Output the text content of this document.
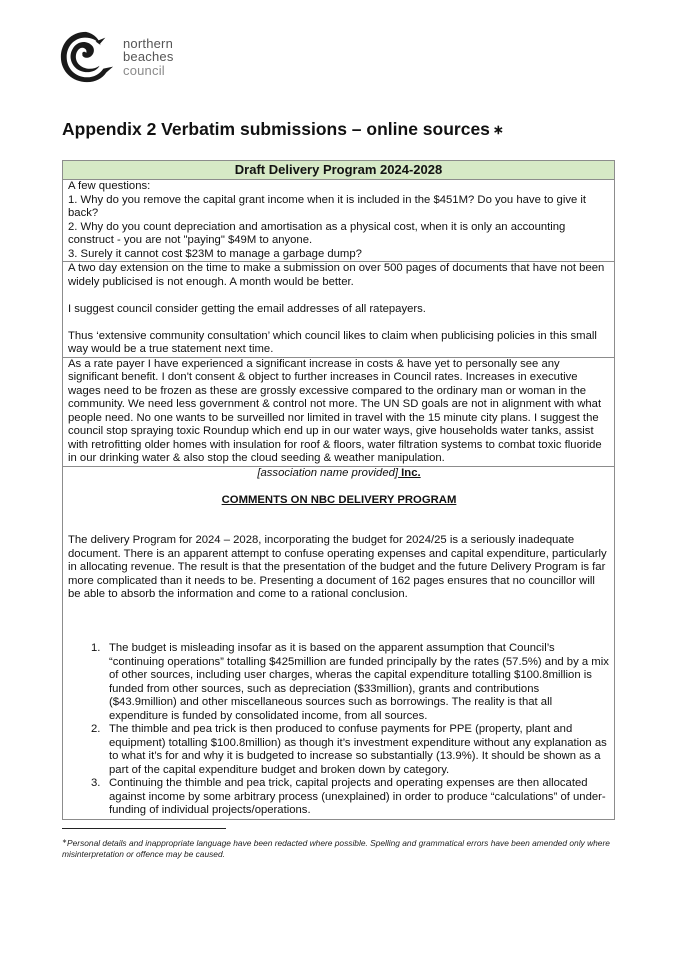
northern
beaches
council
Appendix 2 Verbatim submissions – online sources ∗
Draft Delivery Program 2024-2028

A few questions:

1. Why do you remove the capital grant income when it is included in the $451M? Do you have to give it back?

2. Why do you count depreciation and amortisation as a physical cost, when it is only an accounting construct - you are not "paying" $49M to anyone.

3. Surely it cannot cost $23M to manage a garbage dump?

A two day extension on the time to make a submission on over 500 pages of documents that have not been widely publicised is not enough. A month would be better.

I suggest council consider getting the email addresses of all ratepayers.

Thus ‘extensive community consultation’ which council likes to claim when publicising policies in this small way would be a true statement next time.

As a rate payer I have experienced a significant increase in costs & have yet to personally see any significant benefit. I don't consent & object to further increases in Council rates. Increases in executive wages need to be frozen as these are grossly excessive compared to the ordinary man or woman in the community. We need less government & control not more. The UN SD goals are not in alignment with what people need. No one wants to be surveilled nor limited in travel with the 15 minute city plans. I suggest the council stop spraying toxic Roundup which end up in our water ways, give households water tanks, assist with retrofitting older homes with insulation for roof & floors, water filtration systems to combat toxic fluoride in our drinking water & also stop the cloud seeding & weather manipulation.

[association name provided] Inc.

COMMENTS ON NBC DELIVERY PROGRAM

The delivery Program for 2024 – 2028, incorporating the budget for 2024/25 is a seriously inadequate document. There is an apparent attempt to confuse operating expenses and capital expenditure, particularly in allocating revenue. The result is that the presentation of the budget and the future Delivery Program is far more complicated than it needs to be. Presenting a document of 162 pages ensures that no councillor will be able to absorb the information and come to a rational conclusion.

1. The budget is misleading insofar as it is based on the apparent assumption that Council’s “continuing operations” totalling $425million are funded principally by the rates (57.5%) and by a mix of other sources, including user charges, wheras the capital expenditure totalling $100.8million is funded from other sources, such as depreciation ($33million), grants and contributions ($43.9million) and other miscellaneous sources such as borrowings. The reality is that all expenditure is funded by consolidated income, from all sources.
2. The thimble and pea trick is then produced to confuse payments for PPE (property, plant and equipment) totalling $100.8million) as though it’s investment expenditure without any explanation as to what it’s for and why it is budgeted to increase so substantially (13.9%). It should be shown as a part of the capital expenditure budget and broken down by category.
3. Continuing the thimble and pea trick, capital projects and operating expenses are then allocated against income by some arbitrary process (unexplained) in order to produce “calculations” of under-funding of individual projects/operations.

∗Personal details and inappropriate language have been redacted where possible. Spelling and grammatical errors have been amended only where misinterpretation or offence may be caused.
